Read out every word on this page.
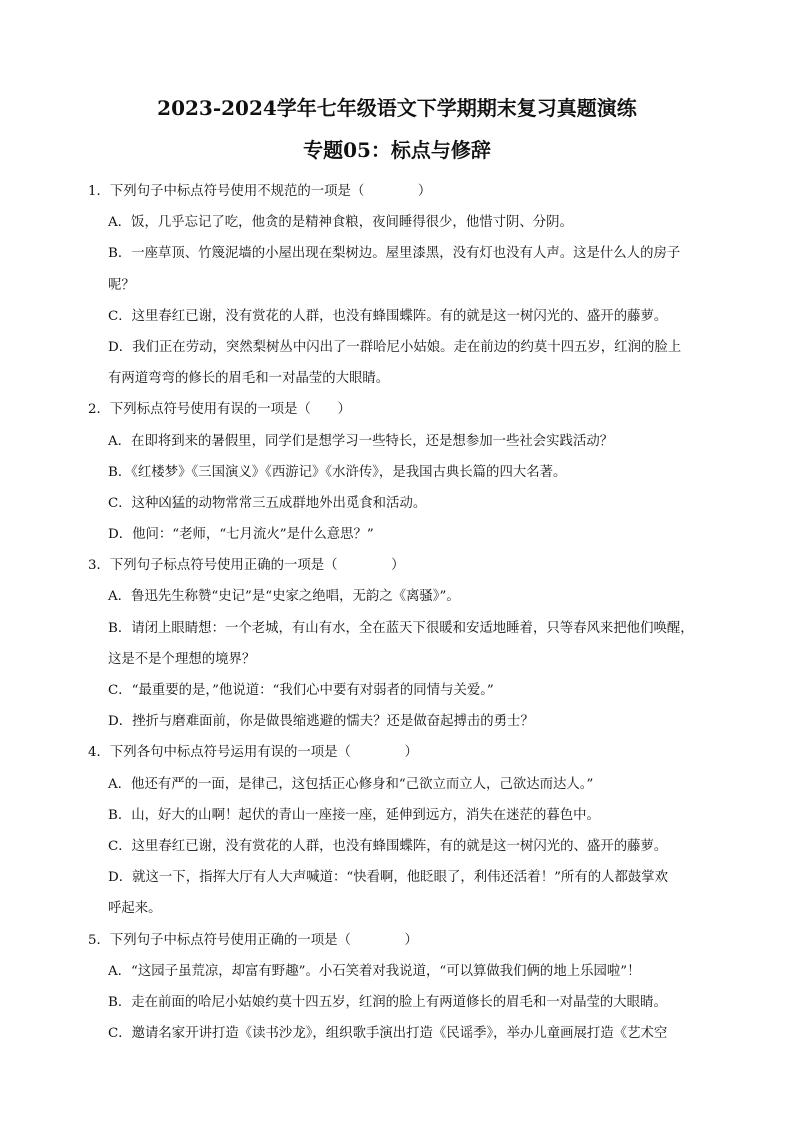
2023-2024学年七年级语文下学期期末复习真题演练
专题05：标点与修辞
1．下列句子中标点符号使用不规范的一项是（　　　　）
A．饭，几乎忘记了吃，他贪的是精神食粮，夜间睡得很少，他惜寸阴、分阴。
B．一座草顶、竹篾泥墙的小屋出现在梨树边。屋里漆黑，没有灯也没有人声。这是什么人的房子
呢？
C．这里春红已谢，没有赏花的人群，也没有蜂围蝶阵。有的就是这一树闪光的、盛开的藤萝。
D．我们正在劳动，突然梨树丛中闪出了一群哈尼小姑娘。走在前边的约莫十四五岁，红润的脸上
有两道弯弯的修长的眉毛和一对晶莹的大眼睛。
2．下列标点符号使用有误的一项是（　　）
A．在即将到来的暑假里，同学们是想学习一些特长，还是想参加一些社会实践活动？
B．《红楼梦》《三国演义》《西游记》《水浒传》，是我国古典长篇的四大名著。
C．这种凶猛的动物常常三五成群地外出觅食和活动。
D．他问：“老师，“七月流火”是什么意思？”
3．下列句子标点符号使用正确的一项是（　　　　）
A．鲁迅先生称赞“史记”是“史家之绝唱，无韵之《离骚》”。
B．请闭上眼睛想：一个老城，有山有水，全在蓝天下很暖和安适地睡着，只等春风来把他们唤醒，
这是不是个理想的境界？
C．“最重要的是，”他说道：“我们心中要有对弱者的同情与关爱。”
D．挫折与磨难面前，你是做畏缩逃避的懦夫？还是做奋起搏击的勇士？
4．下列各句中标点符号运用有误的一项是（　　　　）
A．他还有严的一面，是律己，这包括正心修身和“己欲立而立人，己欲达而达人。”
B．山，好大的山啊！起伏的青山一座接一座，延伸到远方，消失在迷茫的暮色中。
C．这里春红已谢，没有赏花的人群，也没有蜂围蝶阵，有的就是这一树闪光的、盛开的藤萝。
D．就这一下，指挥大厅有人大声喊道：“快看啊，他眨眼了，利伟还活着！”所有的人都鼓掌欢
呼起来。
5．下列句子中标点符号使用正确的一项是（　　　　）
A．“这园子虽荒凉，却富有野趣”。小石笑着对我说道，“可以算做我们俩的地上乐园啦”！
B．走在前面的哈尼小姑娘约莫十四五岁，红润的脸上有两道修长的眉毛和一对晶莹的大眼睛。
C．邀请名家开讲打造《读书沙龙》，组织歌手演出打造《民谣季》，举办儿童画展打造《艺术空
